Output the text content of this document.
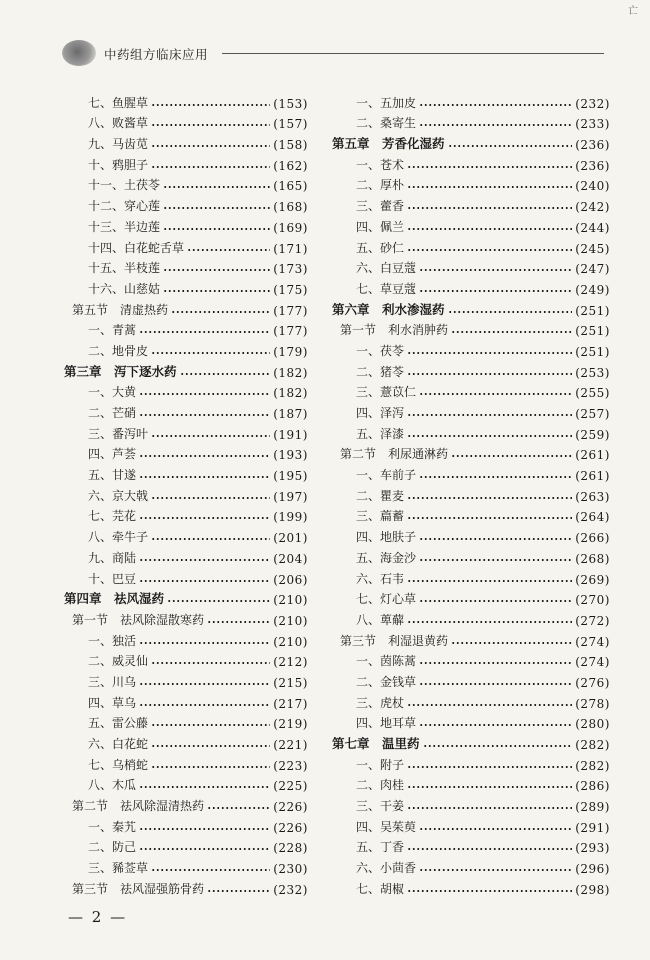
亡
中药组方临床应用
七、鱼腥草	(153)
八、败酱草	(157)
九、马齿苋	(158)
十、鸦胆子	(162)
十一、土茯苓	(165)
十二、穿心莲	(168)
十三、半边莲	(169)
十四、白花蛇舌草	(171)
十五、半枝莲	(173)
十六、山慈姑	(175)
第五节　清虚热药	(177)
一、青蒿	(177)
二、地骨皮	(179)
第三章　泻下逐水药	(182)
一、大黄	(182)
二、芒硝	(187)
三、番泻叶	(191)
四、芦荟	(193)
五、甘遂	(195)
六、京大戟	(197)
七、芫花	(199)
八、牵牛子	(201)
九、商陆	(204)
十、巴豆	(206)
第四章　祛风湿药	(210)
第一节　祛风除湿散寒药	(210)
一、独活	(210)
二、威灵仙	(212)
三、川乌	(215)
四、草乌	(217)
五、雷公藤	(219)
六、白花蛇	(221)
七、乌梢蛇	(223)
八、木瓜	(225)
第二节　祛风除湿清热药	(226)
一、秦艽	(226)
二、防己	(228)
三、豨莶草	(230)
第三节　祛风湿强筋骨药	(232)
一、五加皮	(232)
二、桑寄生	(233)
第五章　芳香化湿药	(236)
一、苍术	(236)
二、厚朴	(240)
三、藿香	(242)
四、佩兰	(244)
五、砂仁	(245)
六、白豆蔻	(247)
七、草豆蔻	(249)
第六章　利水渗湿药	(251)
第一节　利水消肿药	(251)
一、茯苓	(251)
二、猪苓	(253)
三、薏苡仁	(255)
四、泽泻	(257)
五、泽漆	(259)
第二节　利尿通淋药	(261)
一、车前子	(261)
二、瞿麦	(263)
三、萹蓄	(264)
四、地肤子	(266)
五、海金沙	(268)
六、石韦	(269)
七、灯心草	(270)
八、萆薢	(272)
第三节　利湿退黄药	(274)
一、茵陈蒿	(274)
二、金钱草	(276)
三、虎杖	(278)
四、地耳草	(280)
第七章　温里药	(282)
一、附子	(282)
二、肉桂	(286)
三、干姜	(289)
四、吴茱萸	(291)
五、丁香	(293)
六、小茴香	(296)
七、胡椒	(298)
— 2 —
